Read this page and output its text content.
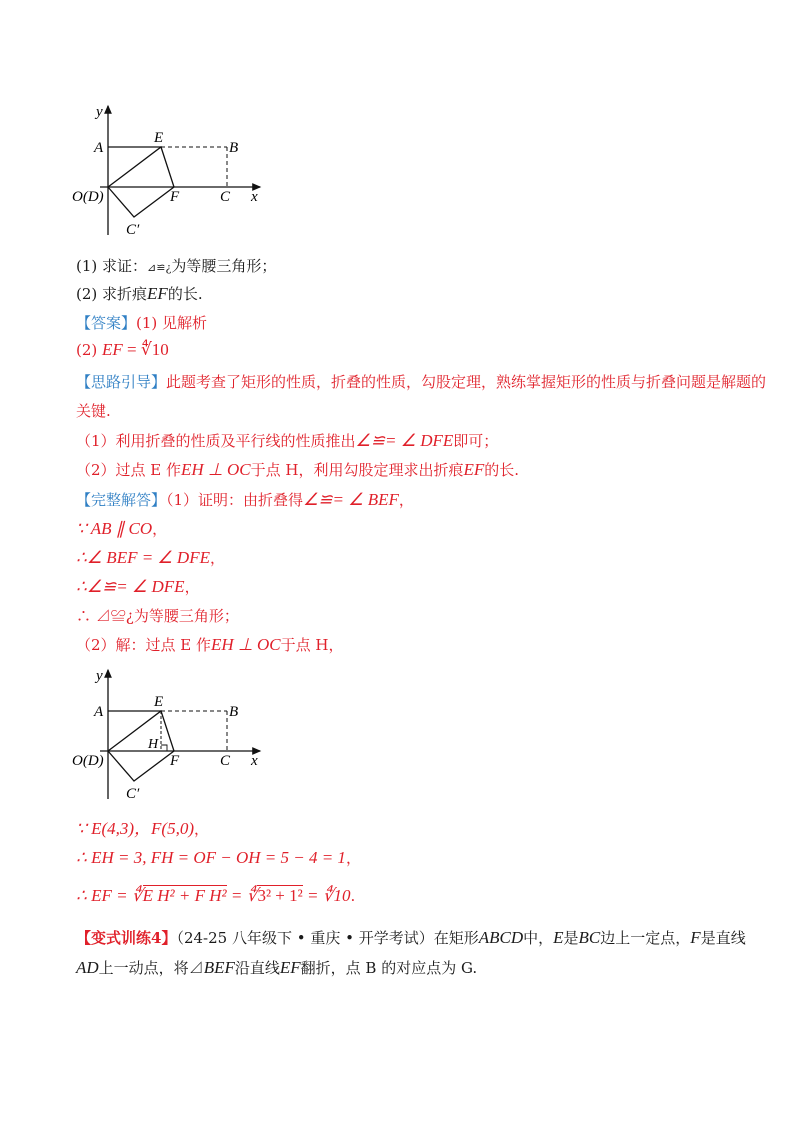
y
x
A
E
B
O(D)	F	C
C′
(1) 求证：⊿≌¿为等腰三角形；
(2) 求折痕EF的长.
【答案】(1) 见解析
(2) EF = ∜10
【思路引导】此题考查了矩形的性质，折叠的性质，勾股定理，熟练掌握矩形的性质与折叠问题是解题的
关键.
（1）利用折叠的性质及平行线的性质推出∠≌= ∠ DFE即可；
（2）过点 E 作EH ⊥ OC于点 H，利用勾股定理求出折痕EF的长.
【完整解答】（1）证明：由折叠得∠≌= ∠ BEF，
∵ AB ∥ CO，
∴∠ BEF = ∠ DFE，
∴∠≌= ∠ DFE，
∴ ⊿≌¿为等腰三角形；
（2）解：过点 E 作EH ⊥ OC于点 H，
y
x
A
E
B
H
O(D)	F	C
C′
∵ E(4,3)，F(5,0)，
∴ EH = 3, FH = OF − OH = 5 − 4 = 1，
∴ EF = ∜E H² + F H² = ∜3² + 1² = ∜10.
【变式训练4】（24-25 八年级下 • 重庆 • 开学考试）在矩形ABCD中，E是BC边上一定点，F是直线
AD上一动点，将⊿BEF沿直线EF翻折，点 B 的对应点为 G.
